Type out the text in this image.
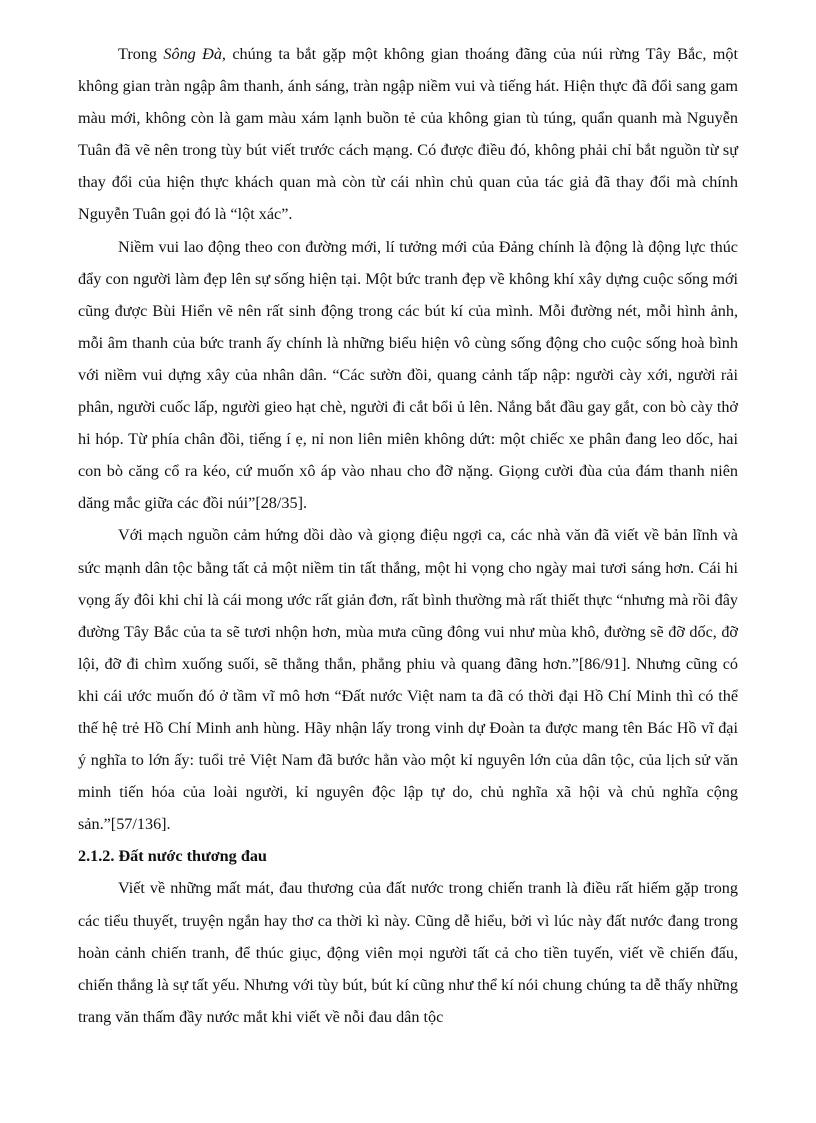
Trong Sông Đà, chúng ta bắt gặp một không gian thoáng đãng của núi rừng Tây Bắc, một không gian tràn ngập âm thanh, ánh sáng, tràn ngập niềm vui và tiếng hát. Hiện thực đã đổi sang gam màu mới, không còn là gam màu xám lạnh buồn tẻ của không gian tù túng, quẩn quanh mà Nguyễn Tuân đã vẽ nên trong tùy bút viết trước cách mạng. Có được điều đó, không phải chỉ bắt nguồn từ sự thay đổi của hiện thực khách quan mà còn từ cái nhìn chủ quan của tác giả đã thay đổi mà chính Nguyễn Tuân gọi đó là “lột xác”.

Niềm vui lao động theo con đường mới, lí tưởng mới của Đảng chính là động là động lực thúc đẩy con người làm đẹp lên sự sống hiện tại. Một bức tranh đẹp về không khí xây dựng cuộc sống mới cũng được Bùi Hiển vẽ nên rất sinh động trong các bút kí của mình. Mỗi đường nét, mỗi hình ảnh, mỗi âm thanh của bức tranh ấy chính là những biểu hiện vô cùng sống động cho cuộc sống hoà bình với niềm vui dựng xây của nhân dân. “Các sườn đồi, quang cảnh tấp nập: người cày xới, người rải phân, người cuốc lấp, người gieo hạt chè, người đi cắt bổi ủ lên. Nắng bắt đầu gay gắt, con bò cày thở hi hóp. Từ phía chân đồi, tiếng í ẹ, nỉ non liên miên không dứt: một chiếc xe phân đang leo dốc, hai con bò căng cổ ra kéo, cứ muốn xô áp vào nhau cho đỡ nặng. Giọng cười đùa của đám thanh niên dăng mắc giữa các đồi núi”[28/35].

Với mạch nguồn cảm hứng dồi dào và giọng điệu ngợi ca, các nhà văn đã viết về bản lĩnh và sức mạnh dân tộc bằng tất cả một niềm tin tất thắng, một hi vọng cho ngày mai tươi sáng hơn. Cái hi vọng ấy đôi khi chỉ là cái mong ước rất giản đơn, rất bình thường mà rất thiết thực “nhưng mà rồi đây đường Tây Bắc của ta sẽ tươi nhộn hơn, mùa mưa cũng đông vui như mùa khô, đường sẽ đỡ dốc, đỡ lội, đỡ đi chìm xuống suối, sẽ thẳng thắn, phẳng phiu và quang đãng hơn.”[86/91]. Nhưng cũng có khi cái ước muốn đó ở tầm vĩ mô hơn “Đất nước Việt nam ta đã có thời đại Hồ Chí Minh thì có thể thế hệ trẻ Hồ Chí Minh anh hùng. Hãy nhận lấy trong vinh dự Đoàn ta được mang tên Bác Hồ vĩ đại ý nghĩa to lớn ấy: tuổi trẻ Việt Nam đã bước hẳn vào một kỉ nguyên lớn của dân tộc, của lịch sử văn minh tiến hóa của loài người, kỉ nguyên độc lập tự do, chủ nghĩa xã hội và chủ nghĩa cộng sản.”[57/136].

2.1.2. Đất nước thương đau

Viết về những mất mát, đau thương của đất nước trong chiến tranh là điều rất hiếm gặp trong các tiểu thuyết, truyện ngắn hay thơ ca thời kì này. Cũng dễ hiểu, bởi vì lúc này đất nước đang trong hoàn cảnh chiến tranh, để thúc giục, động viên mọi người tất cả cho tiền tuyến, viết về chiến đấu, chiến thắng là sự tất yếu. Nhưng với tùy bút, bút kí cũng như thể kí nói chung chúng ta dễ thấy những trang văn thấm đầy nước mắt khi viết về nỗi đau dân tộc
